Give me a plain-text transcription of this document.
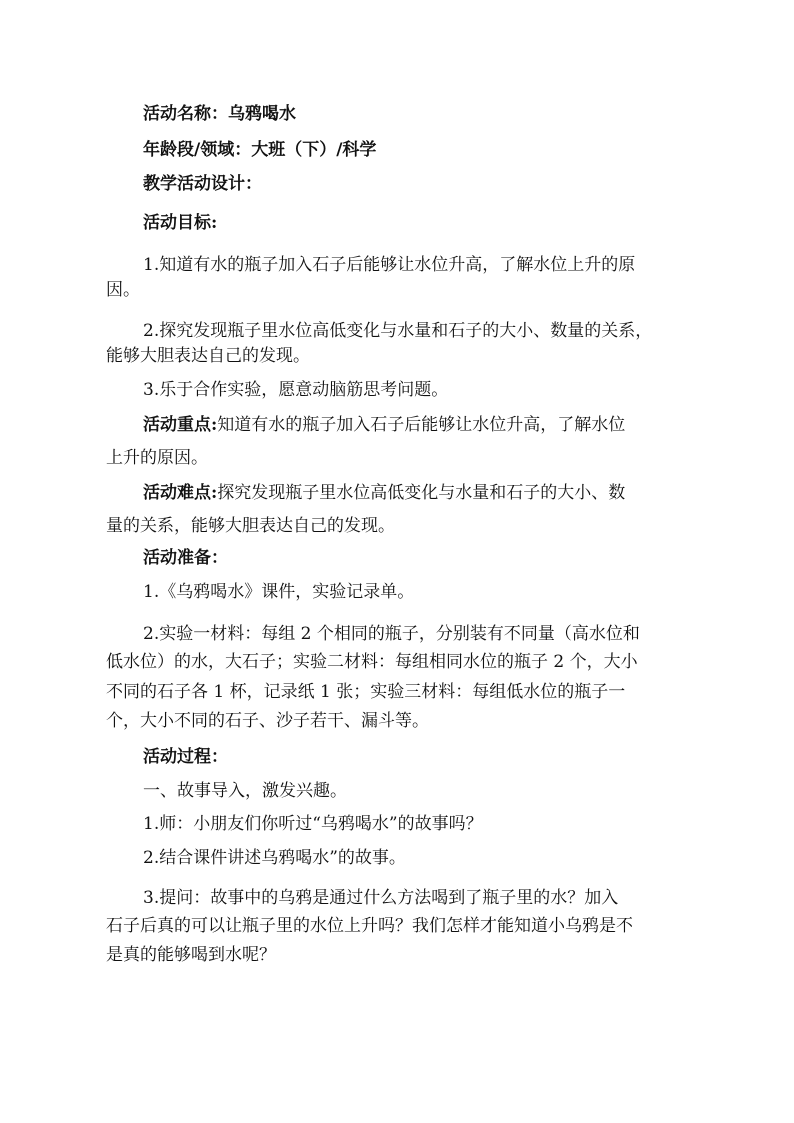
活动名称：乌鸦喝水
年龄段/领域：大班（下）/科学
教学活动设计：
活动目标:
1.知道有水的瓶子加入石子后能够让水位升高，了解水位上升的原
因。
2.探究发现瓶子里水位高低变化与水量和石子的大小、数量的关系，
能够大胆表达自己的发现。
3.乐于合作实验，愿意动脑筋思考问题。
活动重点:知道有水的瓶子加入石子后能够让水位升高，了解水位
上升的原因。
活动难点:探究发现瓶子里水位高低变化与水量和石子的大小、数
量的关系，能够大胆表达自己的发现。
活动准备：
1.《乌鸦喝水》课件，实验记录单。
2.实验一材料：每组 2 个相同的瓶子，分别装有不同量（高水位和
低水位）的水，大石子；实验二材料：每组相同水位的瓶子 2 个，大小
不同的石子各 1 杯，记录纸 1 张；实验三材料：每组低水位的瓶子一
个，大小不同的石子、沙子若干、漏斗等。
活动过程：
一、故事导入，激发兴趣。
1.师：小朋友们你听过“乌鸦喝水”的故事吗？
2.结合课件讲述乌鸦喝水”的故事。
3.提问：故事中的乌鸦是通过什么方法喝到了瓶子里的水？加入
石子后真的可以让瓶子里的水位上升吗？我们怎样才能知道小乌鸦是不
是真的能够喝到水呢？
